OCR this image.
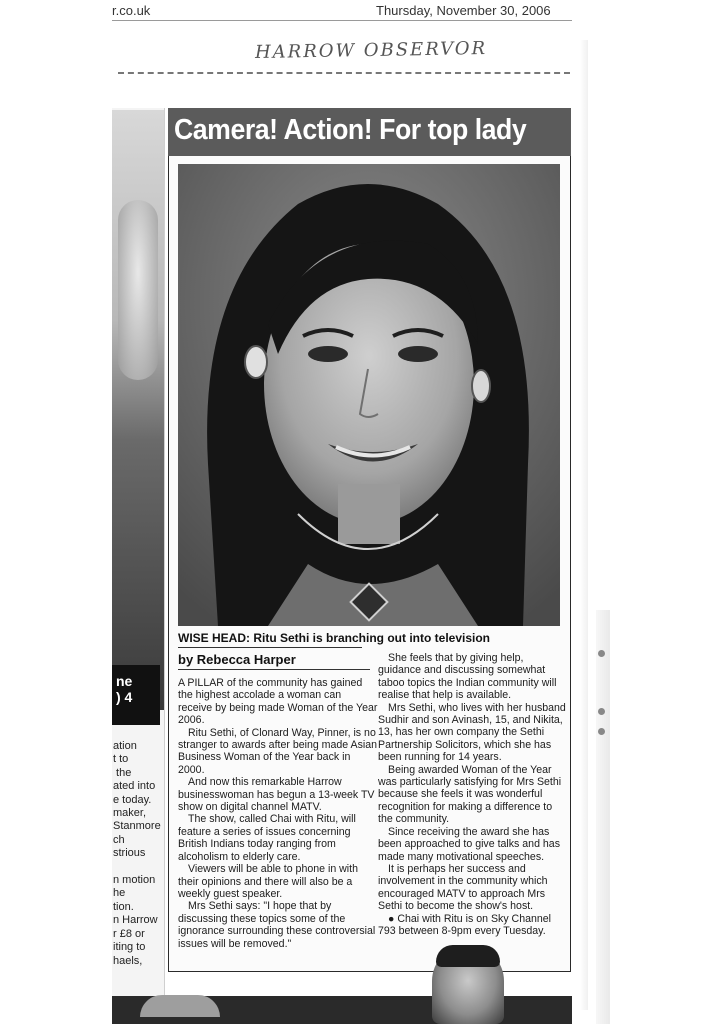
r.co.uk	Thursday, November 30, 2006
HARROW OBSERVOR
ne
) 4
ation
t to
the
ated into
e today.
maker,
Stanmore
ch
strious

n motion
he
tion.
n Harrow
r £8 or
iting to
haels,
Camera! Action! For top lady
WISE HEAD: Ritu Sethi is branching out into television
by Rebecca Harper

A PILLAR of the community has gained the highest accolade a woman can receive by being made Woman of the Year 2006.

Ritu Sethi, of Clonard Way, Pinner, is no stranger to awards after being made Asian Business Woman of the Year back in 2000.

And now this remarkable Harrow businesswoman has begun a 13-week TV show on digital channel MATV.

The show, called Chai with Ritu, will feature a series of issues concerning British Indians today ranging from alcoholism to elderly care.

Viewers will be able to phone in with their opinions and there will also be a weekly guest speaker.

Mrs Sethi says: "I hope that by discussing these topics some of the ignorance surrounding these controversial issues will be removed."

She feels that by giving help, guidance and discussing somewhat taboo topics the Indian community will realise that help is available.

Mrs Sethi, who lives with her husband Sudhir and son Avinash, 15, and Nikita, 13, has her own company the Sethi Partnership Solicitors, which she has been running for 14 years.

Being awarded Woman of the Year was particularly satisfying for Mrs Sethi because she feels it was wonderful recognition for making a difference to the community.

Since receiving the award she has been approached to give talks and has made many motivational speeches.

It is perhaps her success and involvement in the community which encouraged MATV to approach Mrs Sethi to become the show's host.

● Chai with Ritu is on Sky Channel 793 between 8-9pm every Tuesday.
